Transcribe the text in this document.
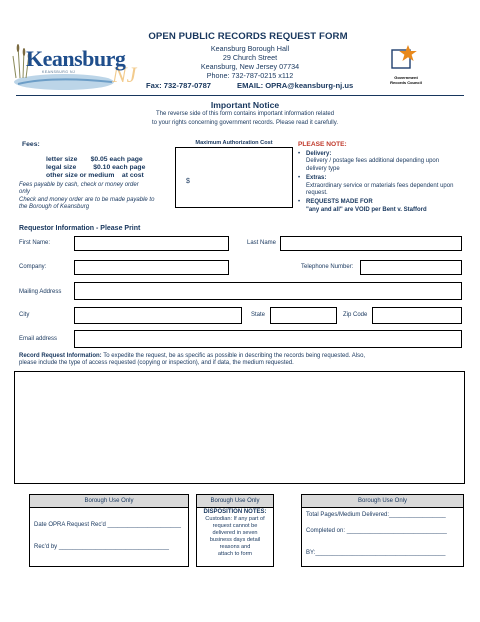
NJ
Keansburg
KEANSBURG NJ
OPEN PUBLIC RECORDS REQUEST FORM
Keansburg Borough Hall
29 Church Street
Keansburg, New Jersey 07734
Phone: 732-787-0215 x112
Fax: 732-787-0787	EMAIL: OPRA@keansburg-nj.us
Government
Records Council
Important Notice
The reverse side of this form contains important information related
to your rights concerning government records. Please read it carefully.
Fees:
letter size       $0.05 each page
legal size         $0.10 each page
other size or medium    at cost
Fees payable by cash, check or money order
only
Check and money order are to be made payable to
the Borough of Keansburg
Maximum Authorization Cost
$
PLEASE NOTE:
• Delivery:
Delivery / postage fees additional depending upon delivery type
• Extras:
Extraordinary service or materials fees dependent upon request.
• REQUESTS MADE FOR
"any and all" are VOID per Bent v. Stafford
Requestor Information - Please Print
First Name:	Last Name
Company:	Telephone Number:
Mailing Address
City	State	Zip Code
Email address
Record Request Information: To expedite the request, be as specific as possible in describing the records being requested. Also,
please include the type of access requested (copying or inspection), and if data, the medium requested.
Borough Use Only
Date OPRA Request Rec'd ______________________
Rec'd by _________________________________
Borough Use Only
DISPOSITION NOTES:
Custodian: If any part of
request cannot be
delivered in seven
business days detail
reasons and
attach to form
Borough Use Only
Total Pages/Medium Delivered:_________________
Completed on: ______________________________
BY:_______________________________________
